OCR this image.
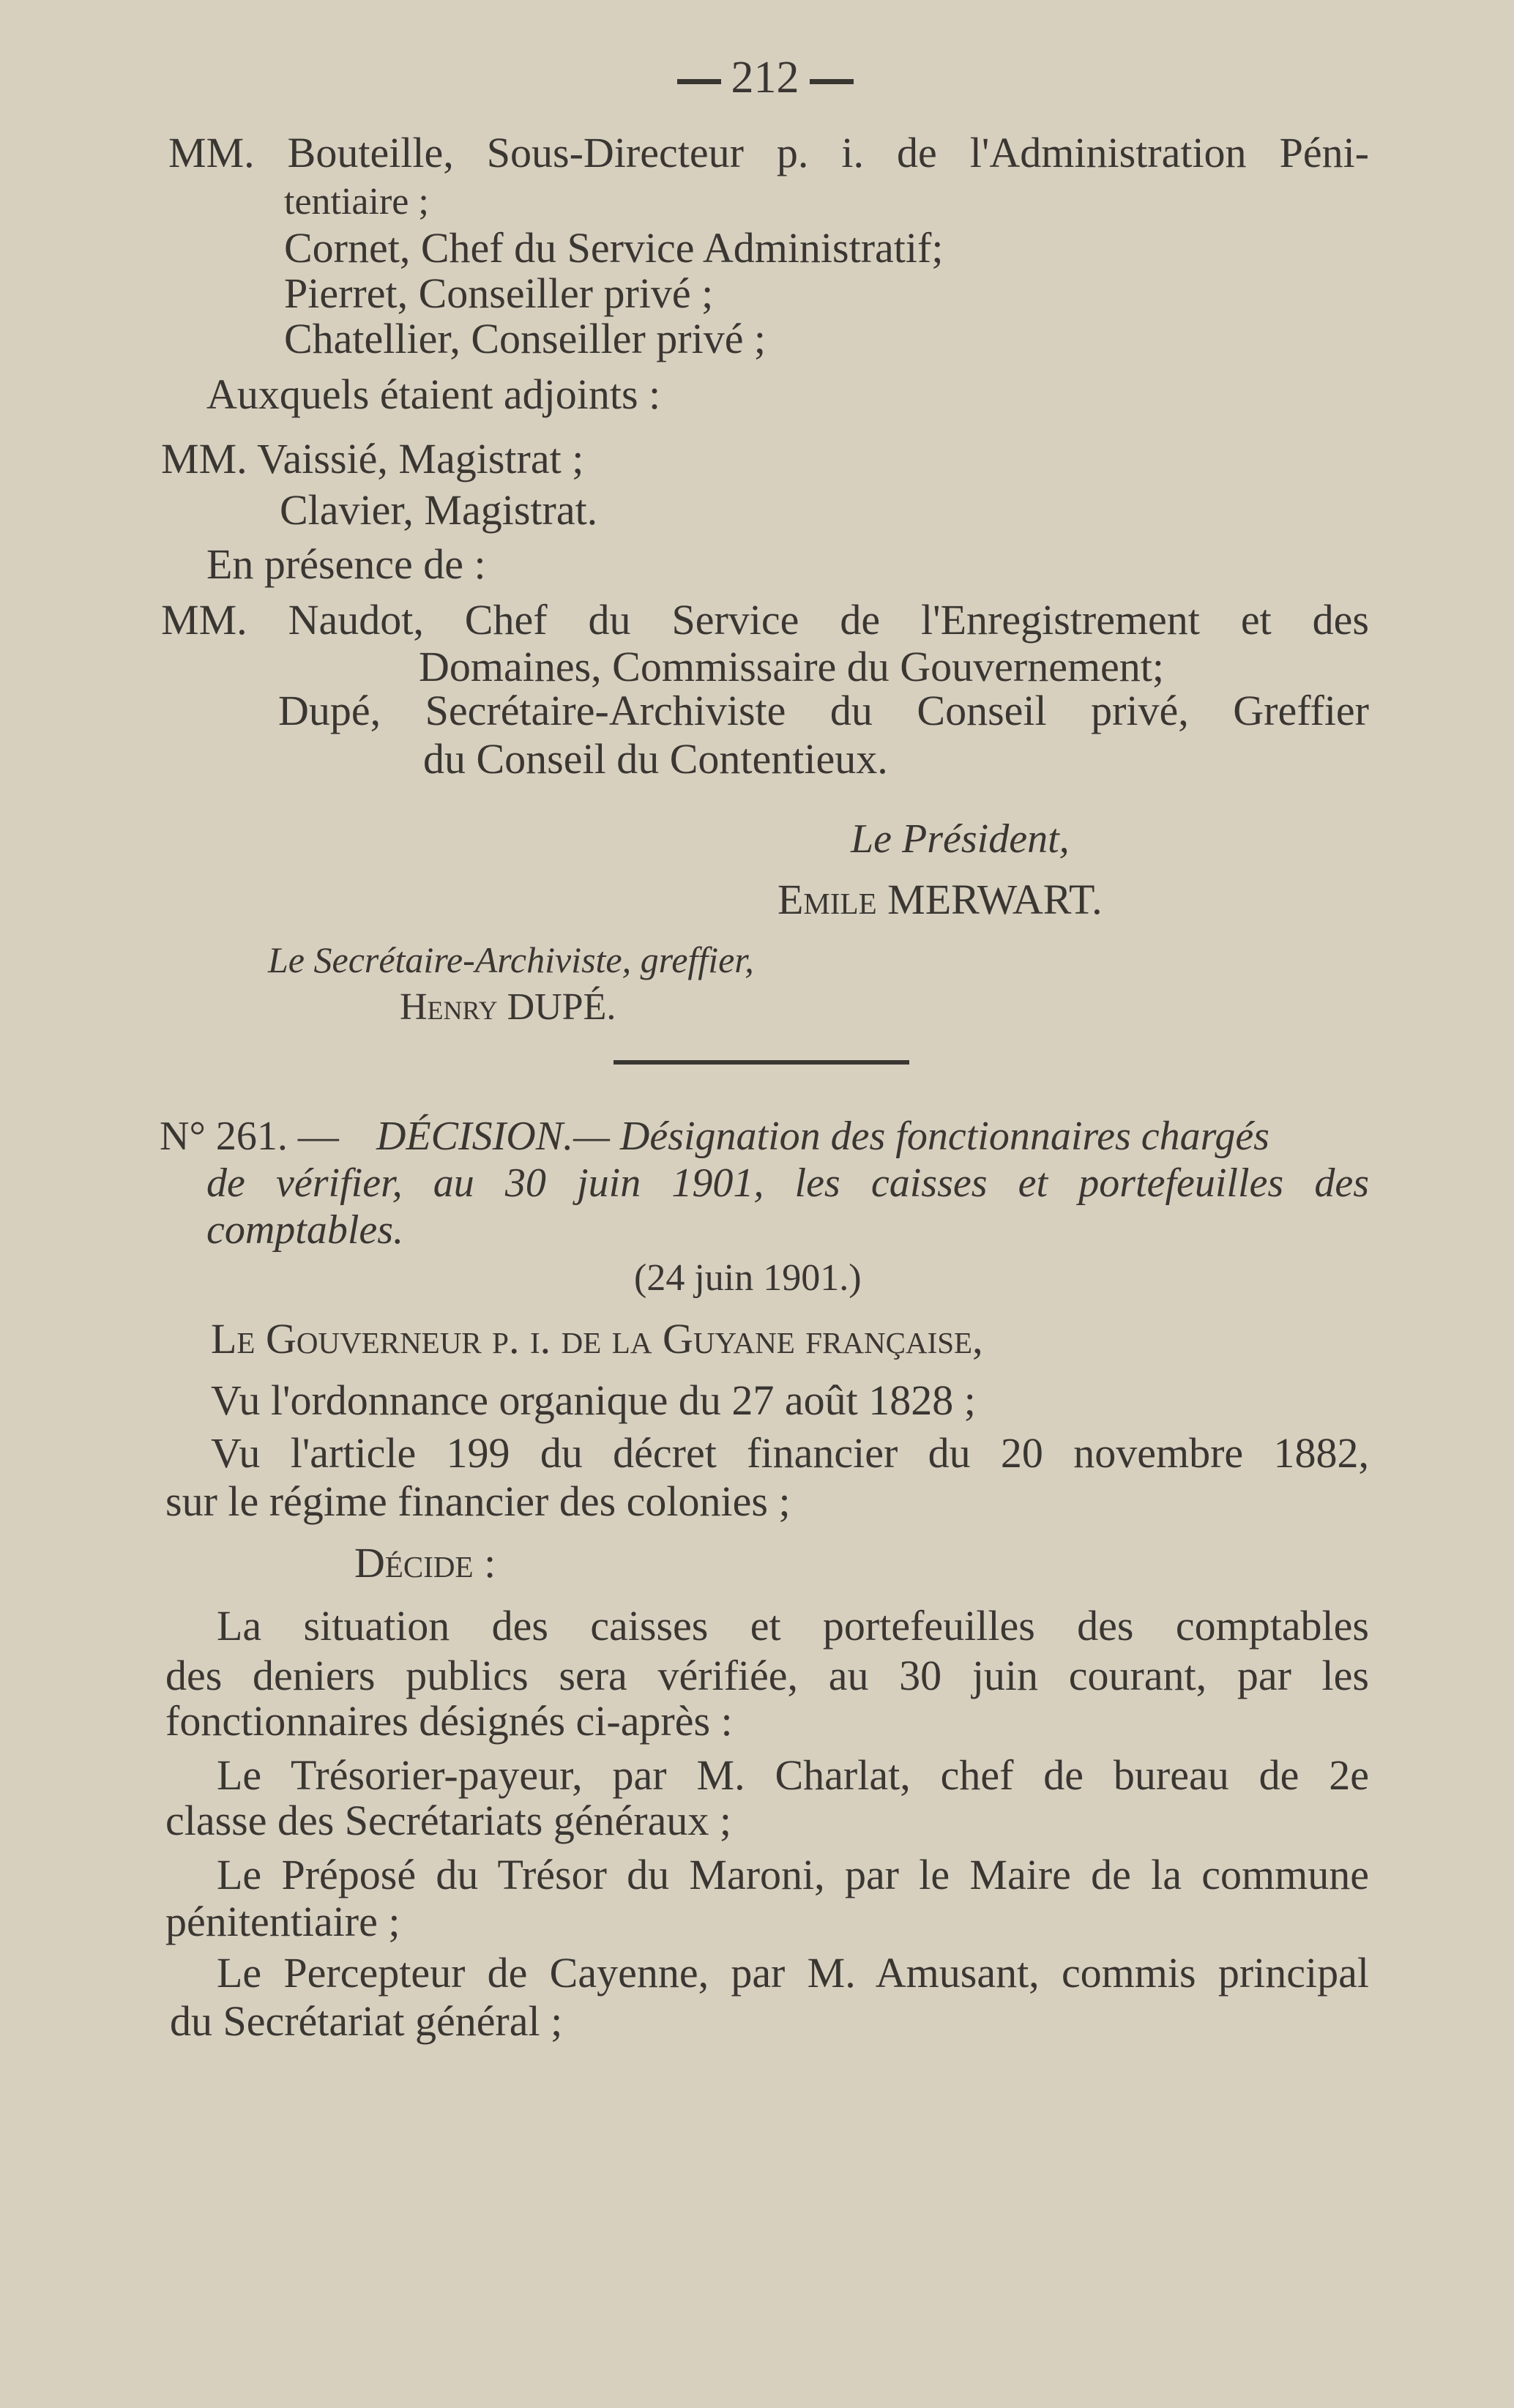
212
MM. Bouteille, Sous-Directeur p. i. de l'Administration Péni-
tentiaire ;
Cornet, Chef du Service Administratif;
Pierret, Conseiller privé ;
Chatellier, Conseiller privé ;
Auxquels étaient adjoints :
MM. Vaissié, Magistrat ;
Clavier, Magistrat.
En présence de :
MM. Naudot, Chef du Service de l'Enregistrement et des
Domaines, Commissaire du Gouvernement;
Dupé, Secrétaire-Archiviste du Conseil privé, Greffier
du Conseil du Contentieux.
Le Président,
Emile MERWART.
Le Secrétaire-Archiviste, greffier,
Henry DUPÉ.
N° 261. — DÉCISION.— Désignation des fonctionnaires chargés
de vérifier, au 30 juin 1901, les caisses et portefeuilles des
comptables.
(24 juin 1901.)
Le Gouverneur p. i. de la Guyane française,
Vu l'ordonnance organique du 27 août 1828 ;
Vu l'article 199 du décret financier du 20 novembre 1882,
sur le régime financier des colonies ;
Décide :
La situation des caisses et portefeuilles des comptables
des deniers publics sera vérifiée, au 30 juin courant, par les
fonctionnaires désignés ci-après :
Le Trésorier-payeur, par M. Charlat, chef de bureau de 2e
classe des Secrétariats généraux ;
Le Préposé du Trésor du Maroni, par le Maire de la commune
pénitentiaire ;
Le Percepteur de Cayenne, par M. Amusant, commis principal
du Secrétariat général ;
